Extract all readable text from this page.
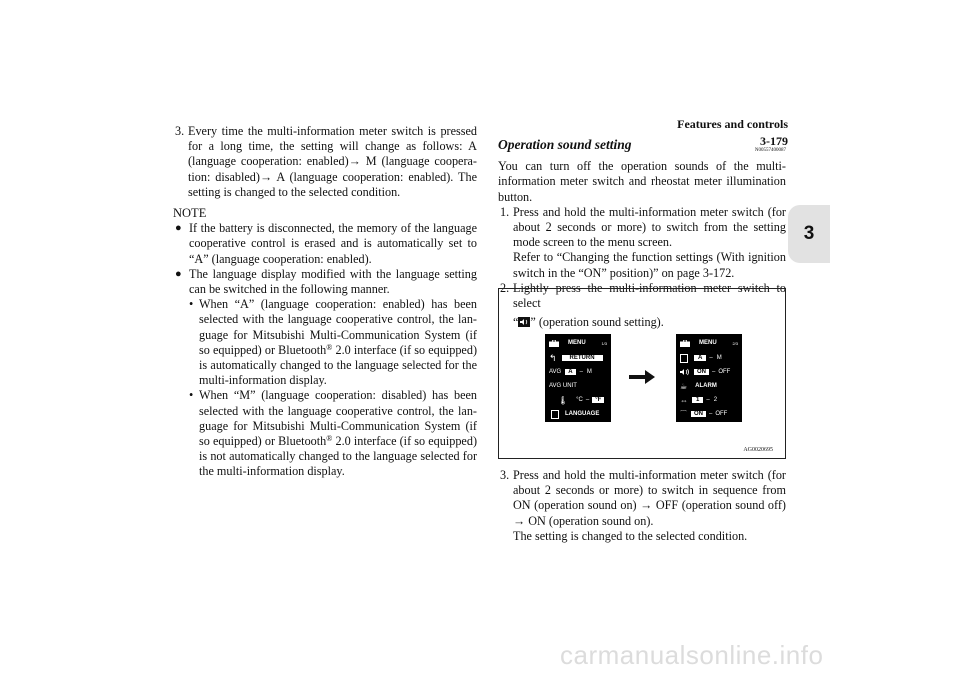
Features and controls
3-179
3
3. Every time the multi-information meter switch is pressed for a long time, the setting will change as follows: A (language cooperation: enabled)→ M (language coopera-tion: disabled)→ A (language cooperation: enabled). The setting is changed to the selected condition.
NOTE
● If the battery is disconnected, the memory of the language cooperative control is erased and is automatically set to “A” (language cooperation: enabled).
● The language display modified with the language setting can be switched in the following manner.
• When “A” (language cooperation: enabled) has been selected with the language cooperative control, the lan-guage for Mitsubishi Multi-Communication System (if so equipped) or Bluetooth® 2.0 interface (if so equipped) is automatically changed to the language selected for the multi-information display.
• When “M” (language cooperation: disabled) has been selected with the language cooperative control, the lan-guage for Mitsubishi Multi-Communication System (if so equipped) or Bluetooth® 2.0 interface (if so equipped) is not automatically changed to the language selected for the multi-information display.
Operation sound setting	N00557400087

You can turn off the operation sounds of the multi-information meter switch and rheostat meter illumination button.

1. Press and hold the multi-information meter switch (for about 2 seconds or more) to switch from the setting mode screen to the menu screen.
Refer to “Changing the function settings (With ignition switch in the “ON” position)” on page 3-172.
2. Lightly press the multi-information meter switch to select
“ ” (operation sound setting).
MENU	1/3
↰	RETURN
AVG	A	– M
AVG UNIT
🌡︎ °C –	°F
LANGUAGE
MENU	2/3
A	– M
ON	– OFF
☕︎ ALARM
⇔	1	– 2
⌒	ON	– OFF
AG0020695
3. Press and hold the multi-information meter switch (for about 2 seconds or more) to switch in sequence from ON (operation sound on) → OFF (operation sound off) → ON (operation sound on).
The setting is changed to the selected condition.
carmanualsonline.info
